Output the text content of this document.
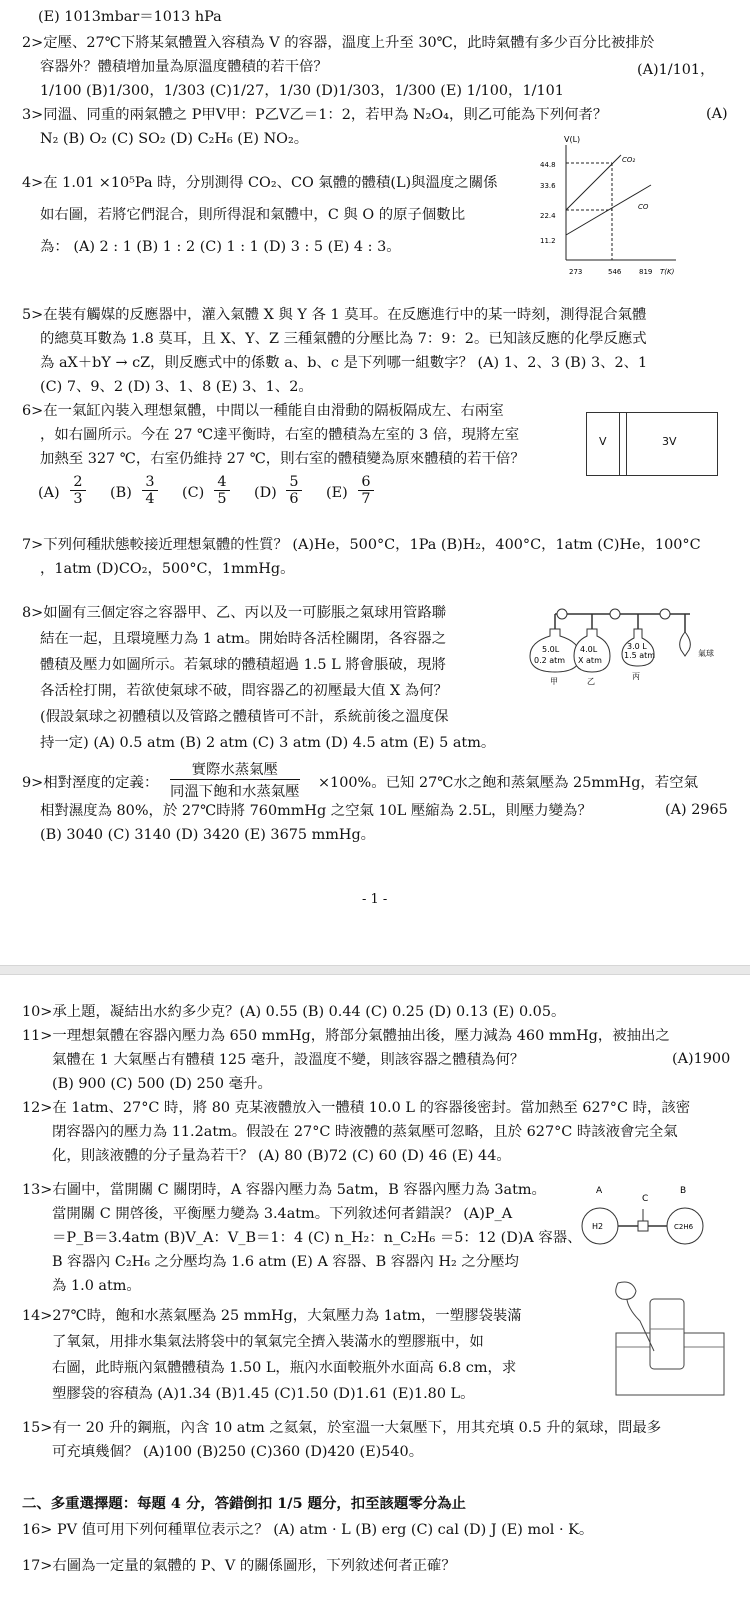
(E) 1013mbar＝1013 hPa
2>定壓、27℃下將某氣體置入容積為 V 的容器，溫度上升至 30℃，此時氣體有多少百分比被排於
容器外？體積增加量為原溫度體積的若干倍？	(A)1/101，
1/100 (B)1/300，1/303 (C)1/27，1/30 (D)1/303，1/300 (E) 1/100，1/101
3>同溫、同重的兩氣體之 P甲V甲：P乙V乙＝1：2，若甲為 N₂O₄，則乙可能為下列何者？	(A)
N₂ (B) O₂ (C) SO₂ (D) C₂H₆ (E) NO₂。
4>在 1.01 ×10⁵Pa 時，分別測得 CO₂、CO 氣體的體積(L)與溫度之關係
如右圖，若將它們混合，則所得混和氣體中，C 與 O 的原子個數比
為： (A) 2 : 1 (B) 1 : 2 (C) 1 : 1 (D) 3 : 5 (E) 4 : 3。
V(L)
44.8
33.6
22.4
11.2
273	546	819 T(K)
CO₂
CO
5>在裝有觸媒的反應器中，灌入氣體 X 與 Y 各 1 莫耳。在反應進行中的某一時刻，測得混合氣體
的總莫耳數為 1.8 莫耳，且 X、Y、Z 三種氣體的分壓比為 7：9：2。已知該反應的化學反應式
為 aX＋bY → cZ，則反應式中的係數 a、b、c 是下列哪一組數字？ (A) 1、2、3 (B) 3、2、1
(C) 7、9、2 (D) 3、1、8 (E) 3、1、2。
6>在一氣缸內裝入理想氣體，中間以一種能自由滑動的隔板隔成左、右兩室
，如右圖所示。今在 27 ℃達平衡時，右室的體積為左室的 3 倍，現將左室
加熱至 327 ℃，右室仍維持 27 ℃，則右室的體積變為原來體積的若干倍？
V	3V
$(A) \frac{2}{3} (B) \frac{3}{4} (C) \frac{4}{5} (D) \frac{5}{6} (E) \frac{6}{7}$
7>下列何種狀態較接近理想氣體的性質？ (A)He，500°C，1Pa (B)H₂，400°C，1atm (C)He，100°C
，1atm (D)CO₂，500°C，1mmHg。
8>如圖有三個定容之容器甲、乙、丙以及一可膨脹之氣球用管路聯
結在一起，且環境壓力為 1 atm。開始時各活栓關閉，各容器之
體積及壓力如圖所示。若氣球的體積超過 1.5 L 將會脹破，現將
各活栓打開，若欲使氣球不破，問容器乙的初壓最大值 X 為何？
(假設氣球之初體積以及管路之體積皆可不計，系統前後之溫度保
持一定) (A) 0.5 atm (B) 2 atm (C) 3 atm (D) 4.5 atm (E) 5 atm。
5.0L
0.2 atm
4.0L
X atm
3.0 L
1.5 atm
甲	乙
丙
氣球
9>相對溼度的定義：
實際水蒸氣壓
同溫下飽和水蒸氣壓
×100%。已知 27℃水之飽和蒸氣壓為 25mmHg，若空氣
相對濕度為 80%，於 27℃時將 760mmHg 之空氣 10L 壓縮為 2.5L，則壓力變為？	(A) 2965
(B) 3040 (C) 3140 (D) 3420 (E) 3675 mmHg。
- 1 -
10>承上題，凝結出水約多少克？(A) 0.55 (B) 0.44 (C) 0.25 (D) 0.13 (E) 0.05。
11>一理想氣體在容器內壓力為 650 mmHg，將部分氣體抽出後，壓力減為 460 mmHg，被抽出之
氣體在 1 大氣壓占有體積 125 毫升，設溫度不變，則該容器之體積為何？	(A)1900
(B) 900 (C) 500 (D) 250 毫升。
12>在 1atm、27°C 時，將 80 克某液體放入一體積 10.0 L 的容器後密封。當加熱至 627°C 時，該密
閉容器內的壓力為 11.2atm。假設在 27°C 時液體的蒸氣壓可忽略，且於 627°C 時該液會完全氣
化，則該液體的分子量為若干？ (A) 80 (B)72 (C) 60 (D) 46 (E) 44。
13>右圖中，當開關 C 關閉時，A 容器內壓力為 5atm，B 容器內壓力為 3atm。
當開關 C 開啓後，平衡壓力變為 3.4atm。下列敘述何者錯誤？ (A)P_A
＝P_B＝3.4atm (B)V_A：V_B＝1：4 (C) n_H₂：n_C₂H₆ ＝5：12 (D)A 容器、
B 容器內 C₂H₆ 之分壓均為 1.6 atm (E) A 容器、B 容器內 H₂ 之分壓均
為 1.0 atm。
A
C
B
H2	C2H6
14>27℃時，飽和水蒸氣壓為 25 mmHg，大氣壓力為 1atm，一塑膠袋裝滿
了氧氣，用排水集氣法將袋中的氧氣完全擠入裝滿水的塑膠瓶中，如
右圖，此時瓶內氣體體積為 1.50 L，瓶內水面較瓶外水面高 6.8 cm，求
塑膠袋的容積為 (A)1.34 (B)1.45 (C)1.50 (D)1.61 (E)1.80 L。
15>有一 20 升的鋼瓶，內含 10 atm 之氦氣，於室溫一大氣壓下，用其充填 0.5 升的氣球，問最多
可充填幾個？ (A)100 (B)250 (C)360 (D)420 (E)540。
二、多重選擇題：每題 4 分，答錯倒扣 1/5 題分，扣至該題零分為止
16> PV 值可用下列何種單位表示之？ (A) atm · L (B) erg (C) cal (D) J (E) mol · K。
17>右圖為一定量的氣體的 P、V 的關係圖形，下列敘述何者正確？
